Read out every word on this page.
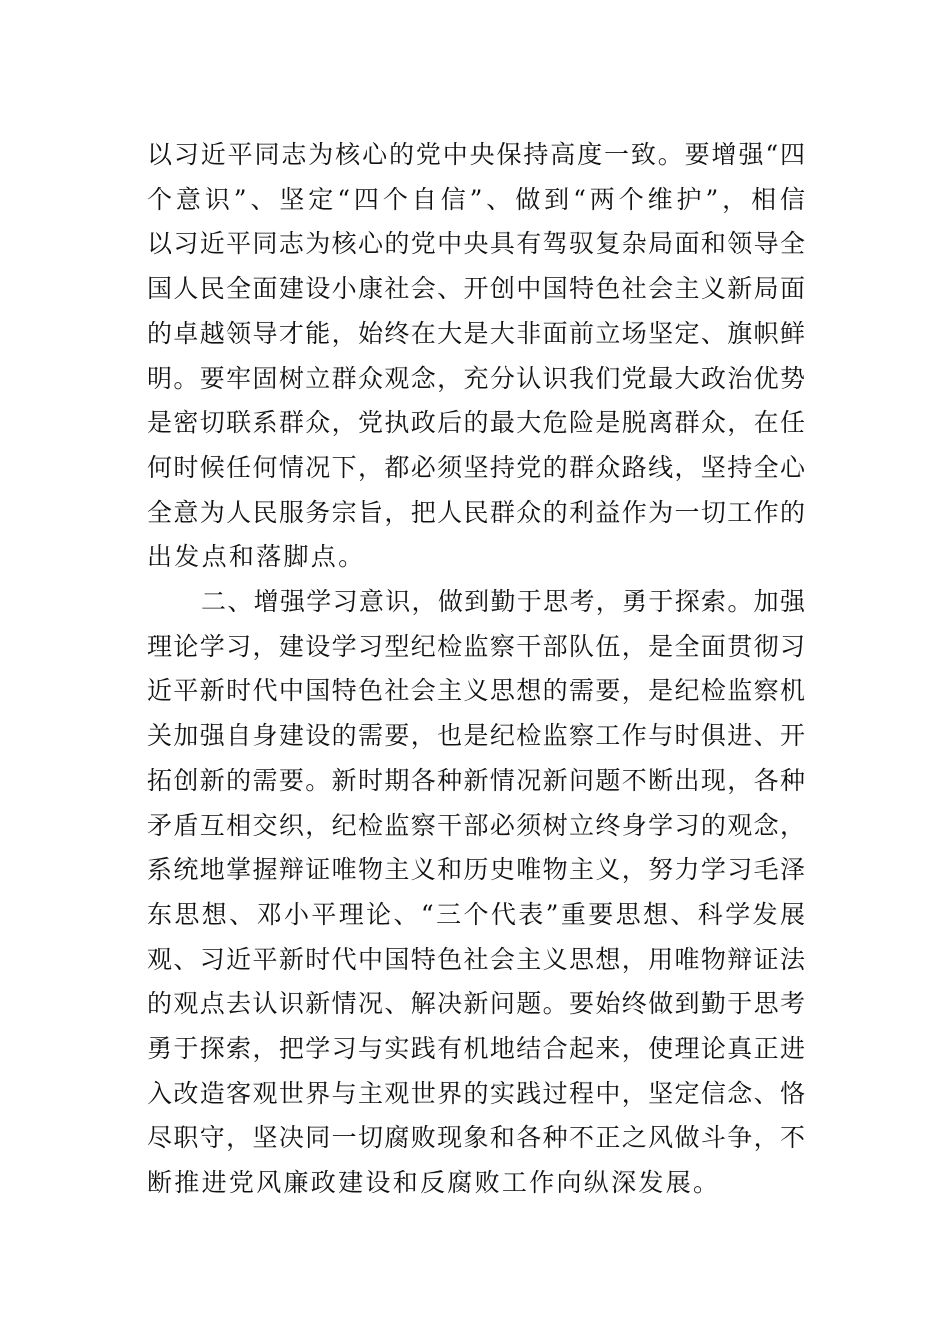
以习近平同志为核心的党中央保持高度一致。要增强“四
个意识”、坚定“四个自信”、做到“两个维护”，相信
以习近平同志为核心的党中央具有驾驭复杂局面和领导全
国人民全面建设小康社会、开创中国特色社会主义新局面
的卓越领导才能，始终在大是大非面前立场坚定、旗帜鲜
明。要牢固树立群众观念，充分认识我们党最大政治优势
是密切联系群众，党执政后的最大危险是脱离群众，在任
何时候任何情况下，都必须坚持党的群众路线，坚持全心
全意为人民服务宗旨，把人民群众的利益作为一切工作的
出发点和落脚点。
二、增强学习意识，做到勤于思考，勇于探索。加强
理论学习，建设学习型纪检监察干部队伍，是全面贯彻习
近平新时代中国特色社会主义思想的需要，是纪检监察机
关加强自身建设的需要，也是纪检监察工作与时俱进、开
拓创新的需要。新时期各种新情况新问题不断出现，各种
矛盾互相交织，纪检监察干部必须树立终身学习的观念，
系统地掌握辩证唯物主义和历史唯物主义，努力学习毛泽
东思想、邓小平理论、“三个代表”重要思想、科学发展
观、习近平新时代中国特色社会主义思想，用唯物辩证法
的观点去认识新情况、解决新问题。要始终做到勤于思考
勇于探索，把学习与实践有机地结合起来，使理论真正进
入改造客观世界与主观世界的实践过程中，坚定信念、恪
尽职守，坚决同一切腐败现象和各种不正之风做斗争，不
断推进党风廉政建设和反腐败工作向纵深发展。
